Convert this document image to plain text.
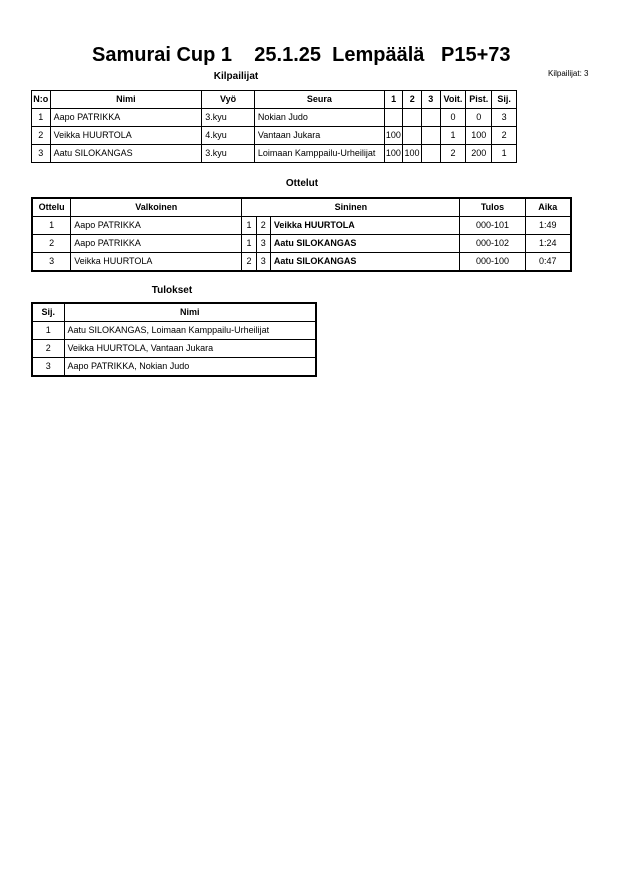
Samurai Cup 1    25.1.25  Lempäälä   P15+73
Kilpailijat: 3
Kilpailijat
N:o	Nimi	Vyö	Seura	1	2	3	Voit.	Pist.	Sij.
1	Aapo PATRIKKA	3.kyu	Nokian Judo				0	0	3
2	Veikka HUURTOLA	4.kyu	Vantaan Jukara	100			1	100	2
3	Aatu SILOKANGAS	3.kyu	Loimaan Kamppailu-Urheilijat	100	100		2	200	1
Ottelut
Ottelu	Valkoinen	Sininen			Tulos	Aika
1	Aapo PATRIKKA	1	2	Veikka HUURTOLA	000-101	1:49
2	Aapo PATRIKKA	1	3	Aatu SILOKANGAS	000-102	1:24
3	Veikka HUURTOLA	2	3	Aatu SILOKANGAS	000-100	0:47
Tulokset
Sij.	Nimi
1	Aatu SILOKANGAS, Loimaan Kamppailu-Urheilijat
2	Veikka HUURTOLA, Vantaan Jukara
3	Aapo PATRIKKA, Nokian Judo
